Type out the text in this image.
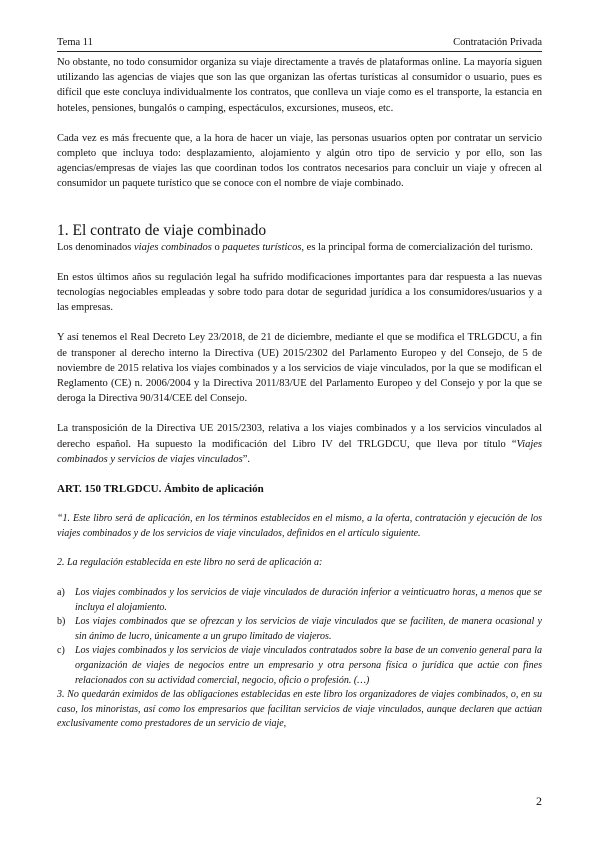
Tema 11	Contratación Privada

No obstante, no todo consumidor organiza su viaje directamente a través de plataformas online. La mayoría siguen utilizando las agencias de viajes que son las que organizan las ofertas turísticas al consumidor o usuario, pues es difícil que este concluya individualmente los contratos, que conlleva un viaje como es el transporte, la estancia en hoteles, pensiones, bungalós o camping, espectáculos, excursiones, museos, etc.

Cada vez es más frecuente que, a la hora de hacer un viaje, las personas usuarios opten por contratar un servicio completo que incluya todo: desplazamiento, alojamiento y algún otro tipo de servicio y por ello, son las agencias/empresas de viajes las que coordinan todos los contratos necesarios para concluir un viaje y ofrecen al consumidor un paquete turístico que se conoce con el nombre de viaje combinado.

1. El contrato de viaje combinado

Los denominados viajes combinados o paquetes turísticos, es la principal forma de comercialización del turismo.

En estos últimos años su regulación legal ha sufrido modificaciones importantes para dar respuesta a las nuevas tecnologías negociables empleadas y sobre todo para dotar de seguridad jurídica a los consumidores/usuarios y a las empresas.

Y así tenemos el Real Decreto Ley 23/2018, de 21 de diciembre, mediante el que se modifica el TRLGDCU, a fin de transponer al derecho interno la Directiva (UE) 2015/2302 del Parlamento Europeo y del Consejo, de 5 de noviembre de 2015 relativa los viajes combinados y a los servicios de viaje vinculados, por la que se modifican el Reglamento (CE) n. 2006/2004 y la Directiva 2011/83/UE del Parlamento Europeo y del Consejo y por la que se deroga la Directiva 90/314/CEE del Consejo.

La transposición de la Directiva UE 2015/2303, relativa a los viajes combinados y a los servicios vinculados al derecho español. Ha supuesto la modificación del Libro IV del TRLGDCU, que lleva por título “Viajes combinados y servicios de viajes vinculados”.

ART. 150 TRLGDCU. Ámbito de aplicación

“1. Este libro será de aplicación, en los términos establecidos en el mismo, a la oferta, contratación y ejecución de los viajes combinados y de los servicios de viaje vinculados, definidos en el artículo siguiente.

2. La regulación establecida en este libro no será de aplicación a:

a) Los viajes combinados y los servicios de viaje vinculados de duración inferior a veinticuatro horas, a menos que se incluya el alojamiento.
b) Los viajes combinados que se ofrezcan y los servicios de viaje vinculados que se faciliten, de manera ocasional y sin ánimo de lucro, únicamente a un grupo limitado de viajeros.
c) Los viajes combinados y los servicios de viaje vinculados contratados sobre la base de un convenio general para la organización de viajes de negocios entre un empresario y otra persona física o jurídica que actúe con fines relacionados con su actividad comercial, negocio, oficio o profesión. (…)

3. No quedarán eximidos de las obligaciones establecidas en este libro los organizadores de viajes combinados, o, en su caso, los minoristas, así como los empresarios que facilitan servicios de viaje vinculados, aunque declaren que actúan exclusivamente como prestadores de un servicio de viaje,

2
